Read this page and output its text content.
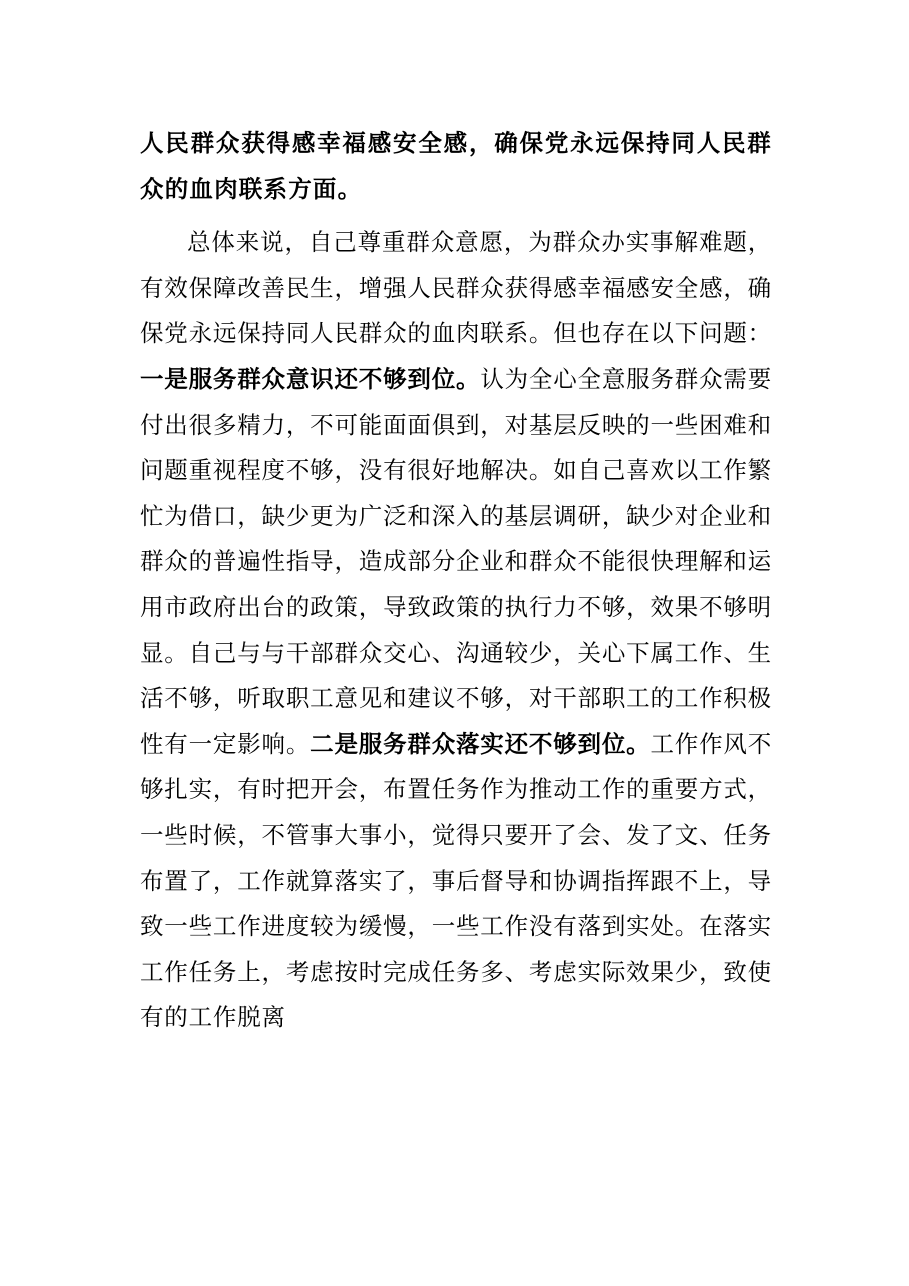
人民群众获得感幸福感安全感，确保党永远保持同人民群众的血肉联系方面。

总体来说，自己尊重群众意愿，为群众办实事解难题，有效保障改善民生，增强人民群众获得感幸福感安全感，确保党永远保持同人民群众的血肉联系。但也存在以下问题：一是服务群众意识还不够到位。认为全心全意服务群众需要付出很多精力，不可能面面俱到，对基层反映的一些困难和问题重视程度不够，没有很好地解决。如自己喜欢以工作繁忙为借口，缺少更为广泛和深入的基层调研，缺少对企业和群众的普遍性指导，造成部分企业和群众不能很快理解和运用市政府出台的政策，导致政策的执行力不够，效果不够明显。自己与与干部群众交心、沟通较少，关心下属工作、生活不够，听取职工意见和建议不够，对干部职工的工作积极性有一定影响。二是服务群众落实还不够到位。工作作风不够扎实，有时把开会，布置任务作为推动工作的重要方式，一些时候，不管事大事小，觉得只要开了会、发了文、任务布置了，工作就算落实了，事后督导和协调指挥跟不上，导致一些工作进度较为缓慢，一些工作没有落到实处。在落实工作任务上，考虑按时完成任务多、考虑实际效果少，致使有的工作脱离
